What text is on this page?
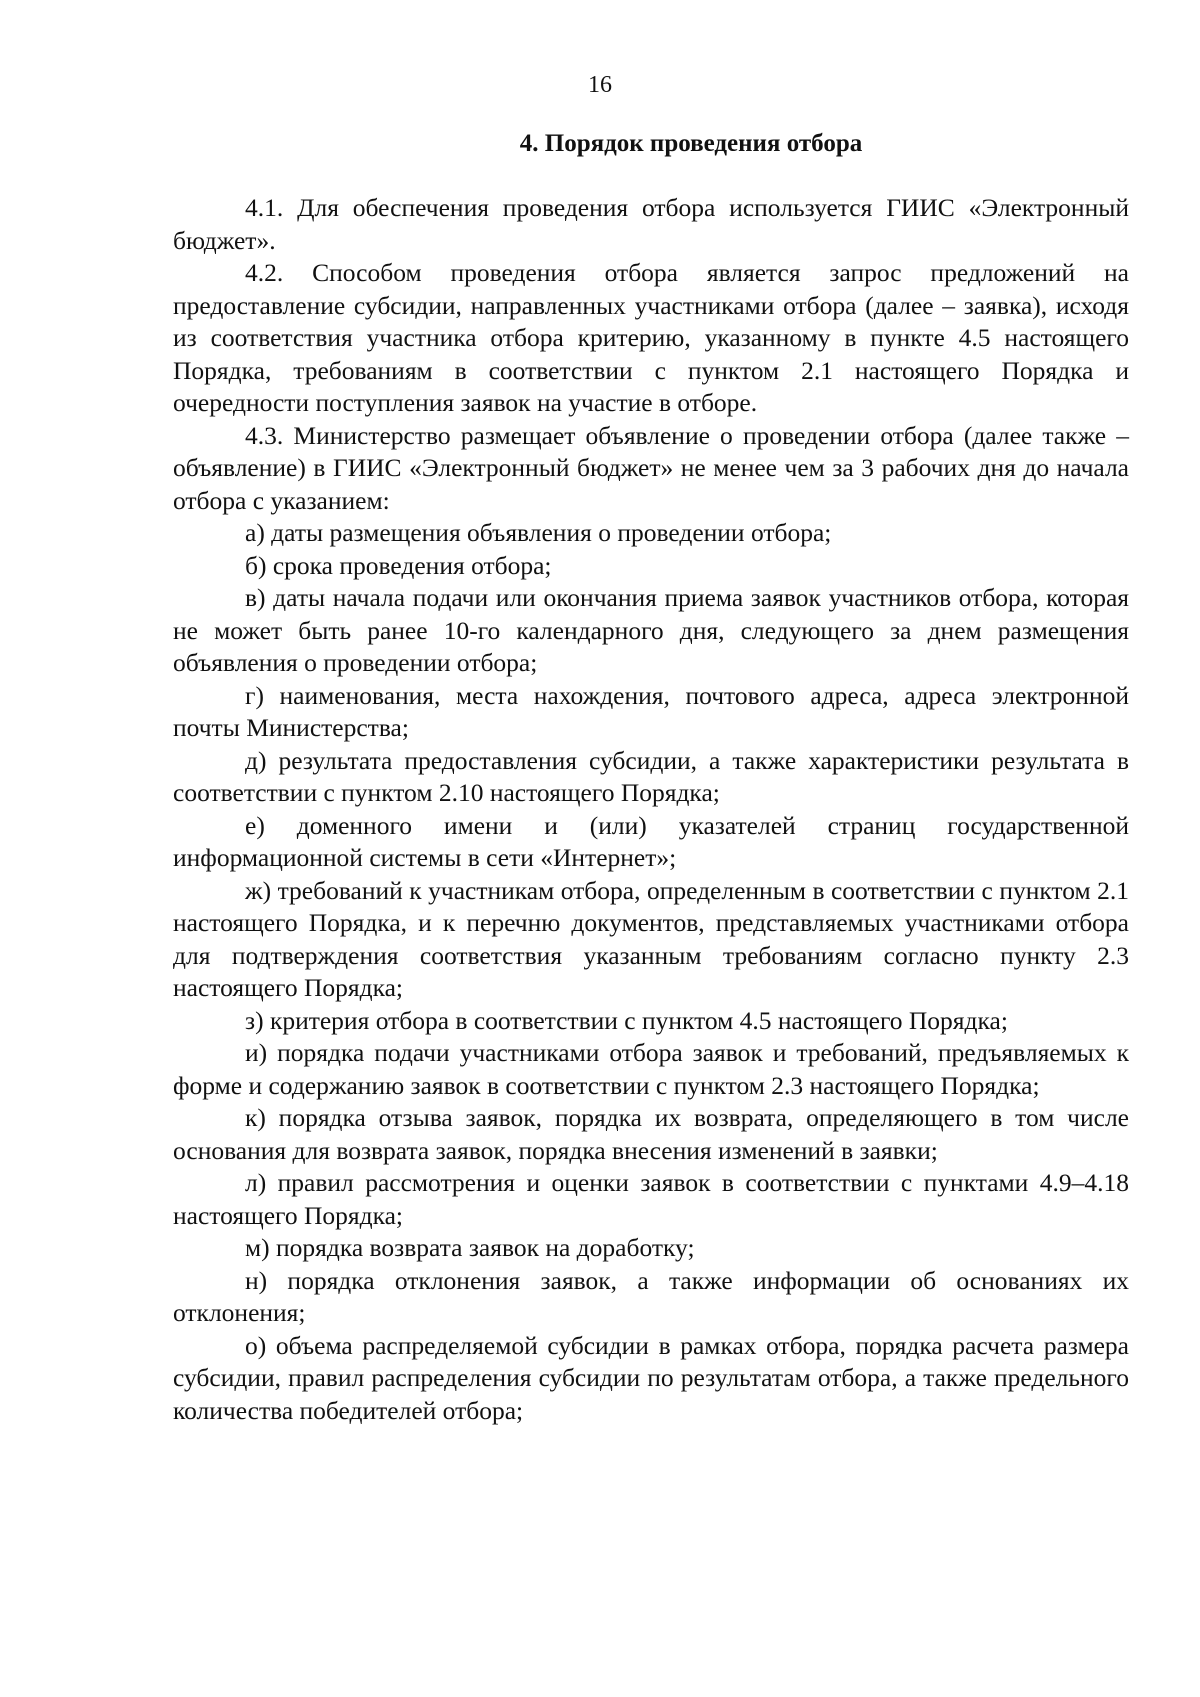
16
4. Порядок проведения отбора

4.1. Для обеспечения проведения отбора используется ГИИС «Электронный бюджет».

4.2. Способом проведения отбора является запрос предложений на предоставление субсидии, направленных участниками отбора (далее – заявка), исходя из соответствия участника отбора критерию, указанному в пункте 4.5 настоящего Порядка, требованиям в соответствии с пунктом 2.1 настоящего Порядка и очередности поступления заявок на участие в отборе.

4.3. Министерство размещает объявление о проведении отбора (далее также – объявление) в ГИИС «Электронный бюджет» не менее чем за 3 рабочих дня до начала отбора с указанием:

а) даты размещения объявления о проведении отбора;

б) срока проведения отбора;

в) даты начала подачи или окончания приема заявок участников отбора, которая не может быть ранее 10-го календарного дня, следующего за днем размещения объявления о проведении отбора;

г) наименования, места нахождения, почтового адреса, адреса электронной почты Министерства;

д) результата предоставления субсидии, а также характеристики результата в соответствии с пунктом 2.10 настоящего Порядка;

е) доменного имени и (или) указателей страниц государственной информационной системы в сети «Интернет»;

ж) требований к участникам отбора, определенным в соответствии с пунктом 2.1 настоящего Порядка, и к перечню документов, представляемых участниками отбора для подтверждения соответствия указанным требованиям согласно пункту 2.3 настоящего Порядка;

з) критерия отбора в соответствии с пунктом 4.5 настоящего Порядка;

и) порядка подачи участниками отбора заявок и требований, предъявляемых к форме и содержанию заявок в соответствии с пунктом 2.3 настоящего Порядка;

к) порядка отзыва заявок, порядка их возврата, определяющего в том числе основания для возврата заявок, порядка внесения изменений в заявки;

л) правил рассмотрения и оценки заявок в соответствии с пунктами 4.9–4.18 настоящего Порядка;

м) порядка возврата заявок на доработку;

н) порядка отклонения заявок, а также информации об основаниях их отклонения;

о) объема распределяемой субсидии в рамках отбора, порядка расчета размера субсидии, правил распределения субсидии по результатам отбора, а также предельного количества победителей отбора;
